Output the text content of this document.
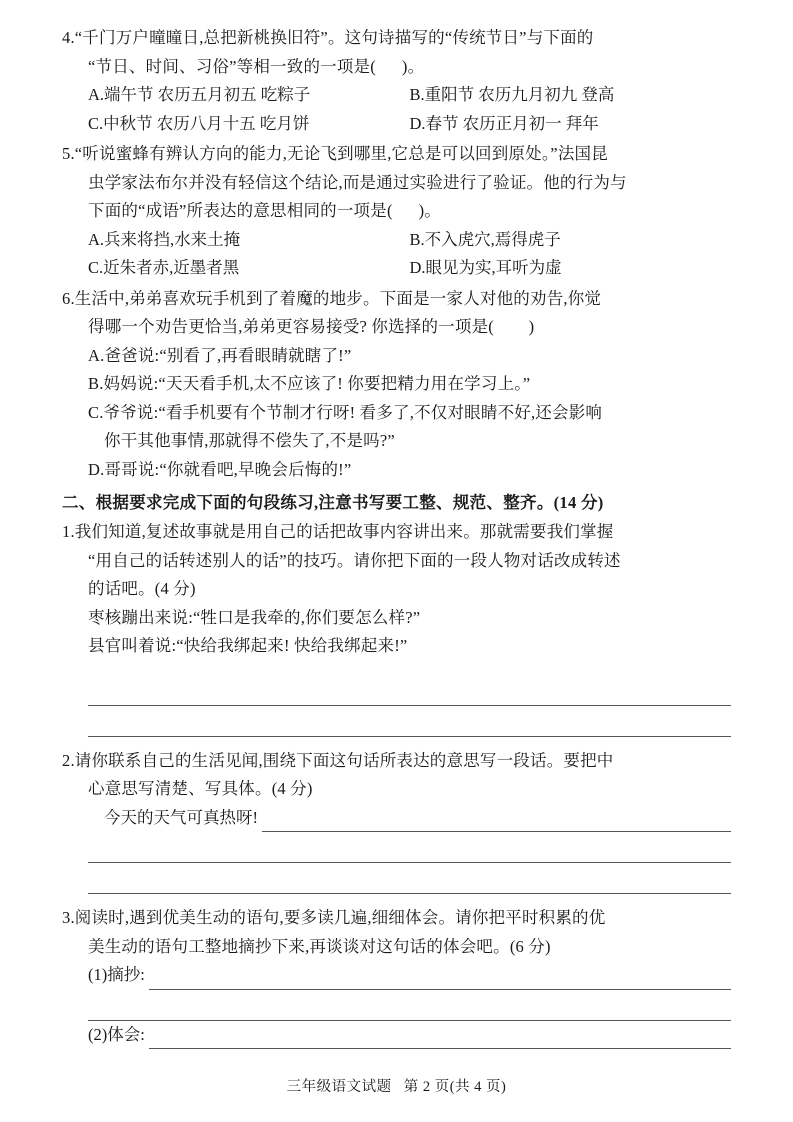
4.“千门万户曈曈日,总把新桃换旧符”。这句诗描写的“传统节日”与下面的
“节日、时间、习俗”等相一致的一项是(      )。
A.端午节 农历五月初五 吃粽子	B.重阳节 农历九月初九 登高
C.中秋节 农历八月十五 吃月饼	D.春节 农历正月初一 拜年
5.“听说蜜蜂有辨认方向的能力,无论飞到哪里,它总是可以回到原处。”法国昆
虫学家法布尔并没有轻信这个结论,而是通过实验进行了验证。他的行为与
下面的“成语”所表达的意思相同的一项是(      )。
A.兵来将挡,水来土掩	B.不入虎穴,焉得虎子
C.近朱者赤,近墨者黑	D.眼见为实,耳听为虚
6.生活中,弟弟喜欢玩手机到了着魔的地步。下面是一家人对他的劝告,你觉
得哪一个劝告更恰当,弟弟更容易接受? 你选择的一项是(        )
A.爸爸说:“别看了,再看眼睛就瞎了!”
B.妈妈说:“天天看手机,太不应该了! 你要把精力用在学习上。”
C.爷爷说:“看手机要有个节制才行呀! 看多了,不仅对眼睛不好,还会影响
你干其他事情,那就得不偿失了,不是吗?”
D.哥哥说:“你就看吧,早晚会后悔的!”
二、根据要求完成下面的句段练习,注意书写要工整、规范、整齐。(14 分)
1.我们知道,复述故事就是用自己的话把故事内容讲出来。那就需要我们掌握
“用自己的话转述别人的话”的技巧。请你把下面的一段人物对话改成转述
的话吧。(4 分)
枣核蹦出来说:“牲口是我牵的,你们要怎么样?”
县官叫着说:“快给我绑起来! 快给我绑起来!”
2.请你联系自己的生活见闻,围绕下面这句话所表达的意思写一段话。要把中
心意思写清楚、写具体。(4 分)
今天的天气可真热呀!
3.阅读时,遇到优美生动的语句,要多读几遍,细细体会。请你把平时积累的优
美生动的语句工整地摘抄下来,再谈谈对这句话的体会吧。(6 分)
(1)摘抄:
(2)体会:
三年级语文试题 第 2 页(共 4 页)
